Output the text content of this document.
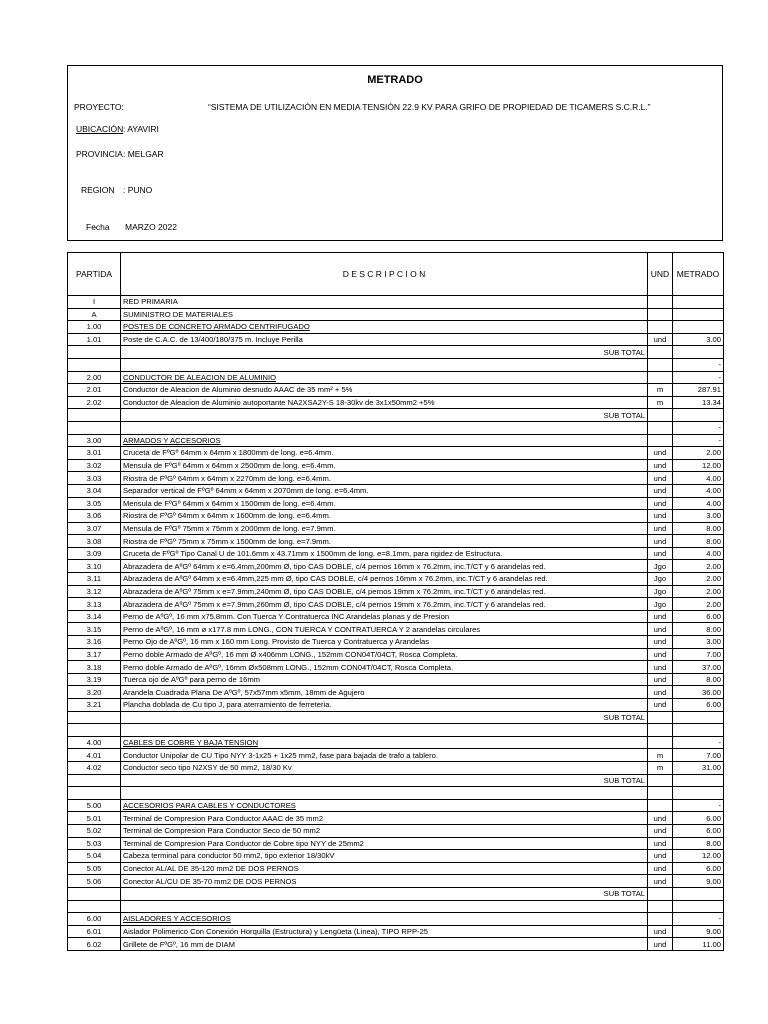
METRADO
PROYECTO:	“SISTEMA DE UTILIZACIÓN EN MEDIA TENSIÓN 22.9 KV PARA GRIFO DE PROPIEDAD DE TICAMERS S.C.R.L.”
UBICACIÓN : AYAVIRI
PROVINCIA : MELGAR
REGION : PUNO
Fecha MARZO 2022
PARTIDA	D E S C R I P C I O N	UND	METRADO
I	RED PRIMARIA		
A	SUMINISTRO DE MATERIALES		
1.00	POSTES DE CONCRETO ARMADO CENTRIFUGADO		
1.01	Poste de C.A.C. de 13/400/180/375 m. Incluye Perilla	und	3.00
	SUB TOTAL		
			-
2.00	CONDUCTOR DE ALEACION DE ALUMINIO		-
2.01	Conductor de Aleacion de Aluminio desnudo AAAC de 35 mm² + 5%	m	287.91
2.02	Conductor de Aleacion de Aluminio autoportante NA2XSA2Y-S 18-30kv de 3x1x50mm2 +5%	m	13.34
	SUB TOTAL		
			-
3.00	ARMADOS Y ACCESORIOS		-
3.01	Cruceta de FºGº 64mm x 64mm x 1800mm de long. e=6.4mm.	und	2.00
3.02	Mensula de FºGº 64mm x 64mm x 2500mm de long. e=6.4mm.	und	12.00
3.03	Riostra de FºGº 64mm x 64mm x 2270mm de long. e=6.4mm.	und	4.00
3.04	Separador vertical de FºGº 64mm x 64mm x 2070mm de long. e=6.4mm.	und	4.00
3.05	Mensula de FºGº 64mm x 64mm x 1500mm de long. e=6.4mm.	und	4.00
3.06	Riostra de FºGº 64mm x 64mm x 1600mm de long. e=6.4mm.	und	3.00
3.07	Mensula de FºGº 75mm x 75mm x 2000mm de long. e=7.9mm.	und	8.00
3.08	Riostra de FºGº 75mm x 75mm x 1500mm de long. e=7.9mm.	und	8.00
3.09	Cruceta de FºGº Tipo Canal U de 101.6mm x 43.71mm x 1500mm de long. e=8.1mm, para rigidez de Estructura.	und	4.00
3.10	Abrazadera de AºGº 64mm x e=6.4mm,200mm Ø, tipo CAS DOBLE, c/4 pernos 16mm x 76.2mm, inc.T/CT y 6 arandelas red.	Jgo	2.00
3.11	Abrazadera de AºGº 64mm x e=6.4mm,225 mm Ø, tipo CAS DOBLE, c/4 pernos 16mm x 76.2mm, inc.T/CT y 6 arandelas red.	Jgo	2.00
3.12	Abrazadera de AºGº 75mm x e=7.9mm,240mm Ø, tipo CAS DOBLE, c/4 pernos 19mm x 76.2mm, inc.T/CT y 6 arandelas red.	Jgo	2.00
3.13	Abrazadera de AºGº 75mm x e=7.9mm,260mm Ø, tipo CAS DOBLE, c/4 pernos 19mm x 76.2mm, inc.T/CT y 6 arandelas red.	Jgo	2.00
3.14	Perno de AºGº, 16 mm x75.8mm. Con Tuerca Y Contratuerca INC Arandelas planas y de Presion	und	6.00
3.15	Perno de AºGº, 16 mm ø x177.8 mm LONG., CON TUERCA Y CONTRATUERCA Y 2 arandelas circulares	und	8.00
3.16	Perno Ojo de AºGº, 16 mm x 160 mm Long. Provisto de Tuerca y Contratuerca y Arandelas	und	3.00
3.17	Perno doble Armado de AºGº, 16 mm Ø x406mm LONG., 152mm CON04T/04CT, Rosca Completa.	und	7.00
3.18	Perno doble Armado de AºGº, 16mm Øx508mm LONG., 152mm CON04T/04CT, Rosca Completa.	und	37.00
3.19	Tuerca ojo de AºGº para perno de 16mm	und	8.00
3.20	Arandela Cuadrada Plana De AºGº, 57x57mm x5mm, 18mm de Agujero	und	36.00
3.21	Plancha doblada de Cu tipo J, para aterramiento de ferreteria.	und	6.00
	SUB TOTAL		

4.00	CABLES DE COBRE Y BAJA TENSION		-
4.01	Conductor Unipolar de CU Tipo NYY 3-1x25 + 1x25 mm2, fase para bajada de trafo a tablero.	m	7.00
4.02	Conductor seco tipo N2XSY de 50 mm2, 18/30 Kv	m	31.00
	SUB TOTAL		

5.00	ACCESORIOS PARA CABLES Y CONDUCTORES		-
5.01	Terminal de Compresion Para Conductor AAAC de 35 mm2	und	6.00
5.02	Terminal de Compresion Para Conductor Seco de 50 mm2	und	6.00
5.03	Terminal de Compresion Para Conductor de Cobre tipo NYY de 25mm2	und	8.00
5.04	Cabeza terminal para conductor 50 mm2, tipo exterior 18/30kV	und	12.00
5.05	Conector AL/AL DE 35-120 mm2 DE DOS PERNOS	und	6.00
5.06	Conector AL/CU DE 35-70 mm2 DE DOS PERNOS	und	9.00
	SUB TOTAL		

6.00	AISLADORES Y ACCESORIOS		-
6.01	Aislador Polimerico Con Conexión Horquilla (Estructura) y Lengüeta (Linea), TIPO RPP-25	und	9.00
6.02	Grillete de FºGº, 16 mm de DIAM	und	11.00
